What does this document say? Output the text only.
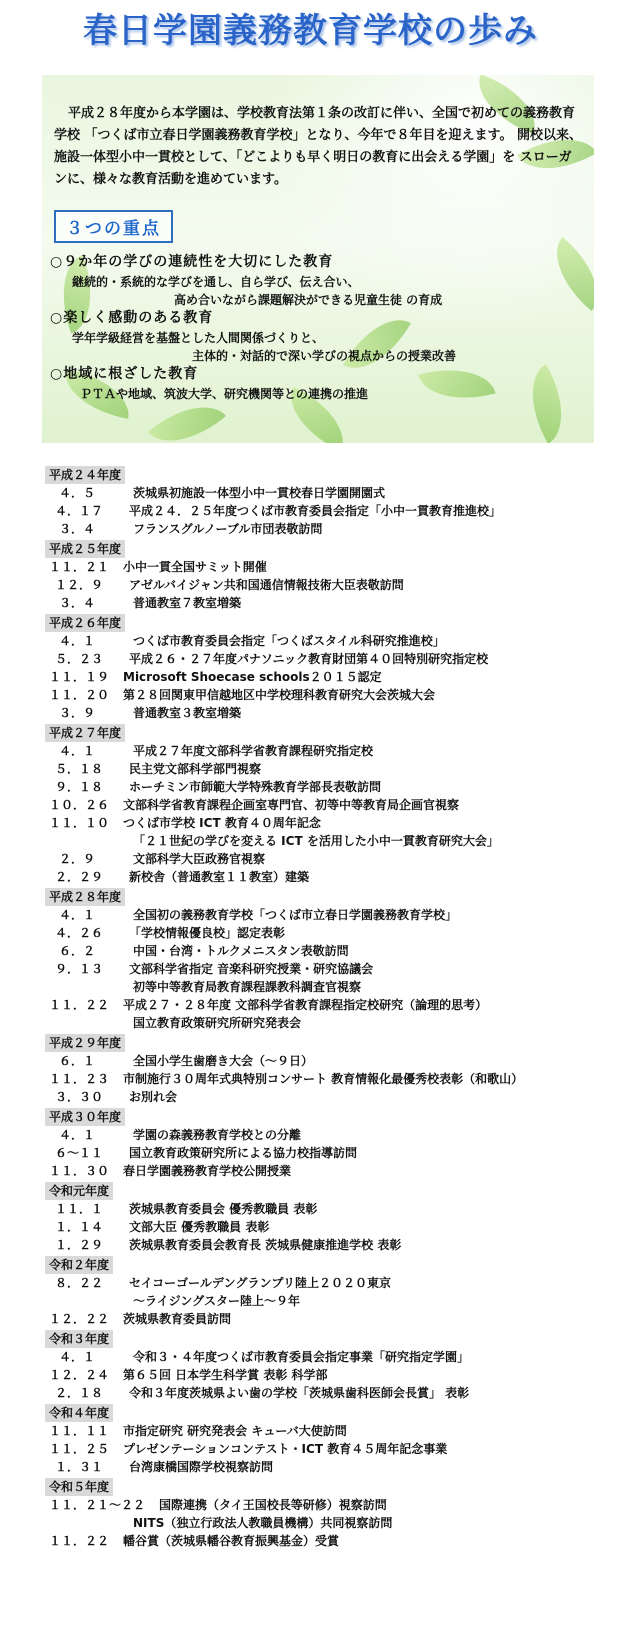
春日学園義務教育学校の歩み

平成２８年度から本学園は、学校教育法第１条の改訂に伴い、全国で初めての義務教育学校 「つくば市立春日学園義務教育学校」となり、今年で８年目を迎えます。 開校以来、施設一体型小中一貫校として、「どこよりも早く明日の教育に出会える学園」を スローガンに、様々な教育活動を進めています。

３つの重点
○９か年の学びの連続性を大切にした教育
継続的・系統的な学びを通し、自ら学び、伝え合い、
高め合いながら課題解決ができる児童生徒 の育成
○楽しく感動のある教育
学年学級経営を基盤とした人間関係づくりと、
主体的・対話的で深い学びの視点からの授業改善
○地域に根ざした教育
ＰＴＡや地域、筑波大学、研究機関等との連携の推進
平成２４年度
４．５	茨城県初施設一体型小中一貫校春日学園開園式
４．１７	平成２４．２５年度つくば市教育委員会指定「小中一貫教育推進校」
３．４	フランスグルノーブル市団表敬訪問
平成２５年度
１１．２１	小中一貫全国サミット開催
１２．９	アゼルバイジャン共和国通信情報技術大臣表敬訪問
３．４	普通教室７教室増築
平成２６年度
４．１	つくば市教育委員会指定「つくばスタイル科研究推進校」
５．２３	平成２６・２７年度パナソニック教育財団第４０回特別研究指定校
１１．１９	Microsoft Shoecase schools２０１５認定
１１．２０	第２８回関東甲信越地区中学校理科教育研究大会茨城大会
３．９	普通教室３教室増築
平成２７年度
４．１	平成２７年度文部科学省教育課程研究指定校
５．１８	民主党文部科学部門視察
９．１８	ホーチミン市師範大学特殊教育学部長表敬訪問
１０．２６	文部科学省教育課程企画室専門官、初等中等教育局企画官視察
１１．１０	つくば市学校 ICT 教育４０周年記念
「２１世紀の学びを変える ICT を活用した小中一貫教育研究大会」
２．９	文部科学大臣政務官視察
２．２９	新校舎（普通教室１１教室）建築
平成２８年度
４．１	全国初の義務教育学校「つくば市立春日学園義務教育学校」
４．２６	「学校情報優良校」認定表彰
６．２	中国・台湾・トルクメニスタン表敬訪問
９．１３	文部科学省指定 音楽科研究授業・研究協議会
初等中等教育局教育課程課教科調査官視察
１１．２２	平成２７・２８年度 文部科学省教育課程指定校研究（論理的思考）
国立教育政策研究所研究発表会
平成２９年度
６．１	全国小学生歯磨き大会（～９日）
１１．２３	市制施行３０周年式典特別コンサート 教育情報化最優秀校表彰（和歌山）
３．３０	お別れ会
平成３０年度
４．１	学園の森義務教育学校との分離
６～１１	国立教育政策研究所による協力校指導訪問
１１．３０	春日学園義務教育学校公開授業
令和元年度
１１．１	茨城県教育委員会 優秀教職員 表彰
１．１４	文部大臣 優秀教職員 表彰
１．２９	茨城県教育委員会教育長 茨城県健康推進学校 表彰
令和２年度
８．２２	セイコーゴールデングランプリ陸上２０２０東京
～ライジングスター陸上～９年
１２．２２	茨城県教育委員訪問
令和３年度
４．１	令和３・４年度つくば市教育委員会指定事業「研究指定学園」
１２．２４	第６５回 日本学生科学賞 表彰 科学部
２．１８	令和３年度茨城県よい歯の学校「茨城県歯科医師会長賞」 表彰
令和４年度
１１．１１	市指定研究 研究発表会 キューバ大使訪問
１１．２５	プレゼンテーションコンテスト・ICT 教育４５周年記念事業
１．３１	台湾康橋国際学校視察訪問
令和５年度
１１．２１～２２	国際連携（タイ王国校長等研修）視察訪問
NITS（独立行政法人教職員機構）共同視察訪問
１１．２２	幡谷賞（茨城県幡谷教育振興基金）受賞
